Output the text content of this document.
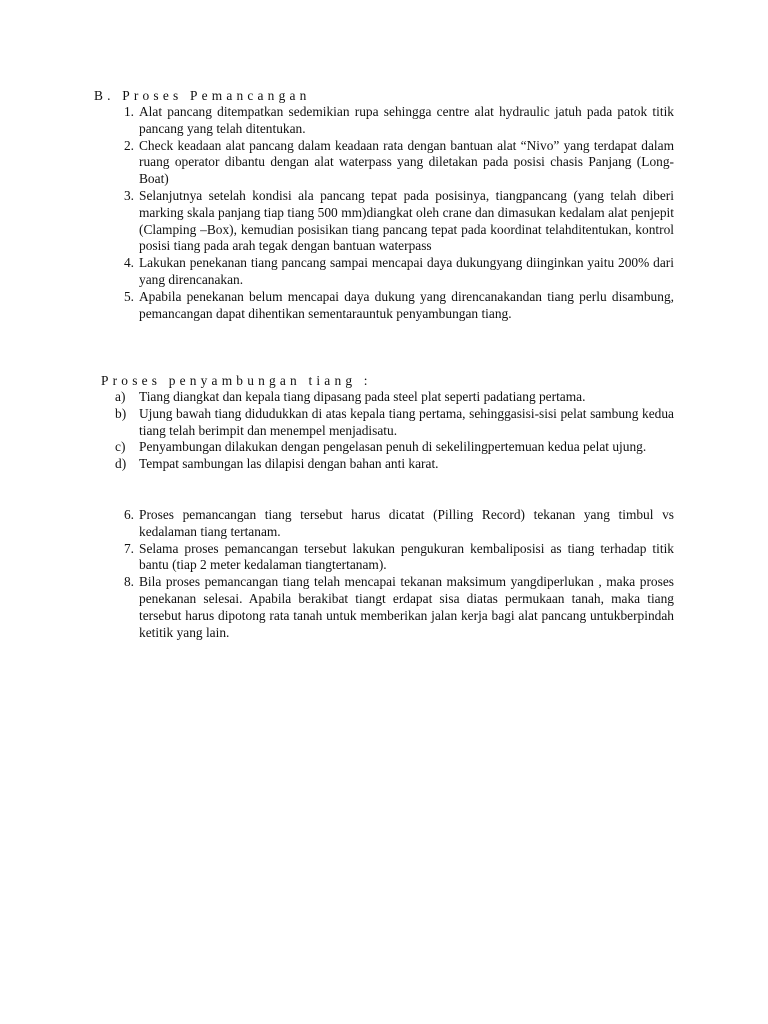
B. Proses Pemancangan
1. Alat pancang ditempatkan sedemikian rupa sehingga centre alat hydraulic jatuh pada patok titik pancang yang telah ditentukan.
2. Check keadaan alat pancang dalam keadaan rata dengan bantuan alat “Nivo” yang terdapat dalam ruang operator dibantu dengan alat waterpass yang diletakan pada posisi chasis Panjang (Long-Boat)
3. Selanjutnya setelah kondisi ala pancang tepat pada posisinya, tiangpancang (yang telah diberi marking skala panjang tiap tiang 500 mm)diangkat oleh crane dan dimasukan kedalam alat penjepit (Clamping –Box), kemudian posisikan tiang pancang tepat pada koordinat telahditentukan, kontrol posisi tiang pada arah tegak dengan bantuan waterpass
4. Lakukan penekanan tiang pancang sampai mencapai daya dukungyang diinginkan yaitu 200% dari yang direncanakan.
5. Apabila penekanan belum mencapai daya dukung yang direncanakandan tiang perlu disambung, pemancangan dapat dihentikan sementarauntuk penyambungan tiang.
Proses penyambungan tiang :
a)	Tiang diangkat dan kepala tiang dipasang pada steel plat seperti padatiang pertama.
b) Ujung bawah tiang didudukkan di atas kepala tiang pertama, sehinggasisi-sisi pelat sambung kedua tiang telah berimpit dan menempel menjadisatu.
c)	Penyambungan dilakukan dengan pengelasan penuh di sekelilingpertemuan kedua pelat ujung.
d) Tempat sambungan las dilapisi dengan bahan anti karat.
6. Proses pemancangan tiang tersebut harus dicatat (Pilling Record) tekanan yang timbul vs kedalaman tiang tertanam.
7. Selama proses pemancangan tersebut lakukan pengukuran kembaliposisi as tiang terhadap titik bantu (tiap 2 meter kedalaman tiangtertanam).
8. Bila proses pemancangan tiang telah mencapai tekanan maksimum yangdiperlukan , maka proses penekanan selesai. Apabila berakibat tiangt erdapat sisa diatas permukaan tanah, maka tiang tersebut harus dipotong rata tanah untuk memberikan jalan kerja bagi alat pancang untukberpindah ketitik yang lain.
